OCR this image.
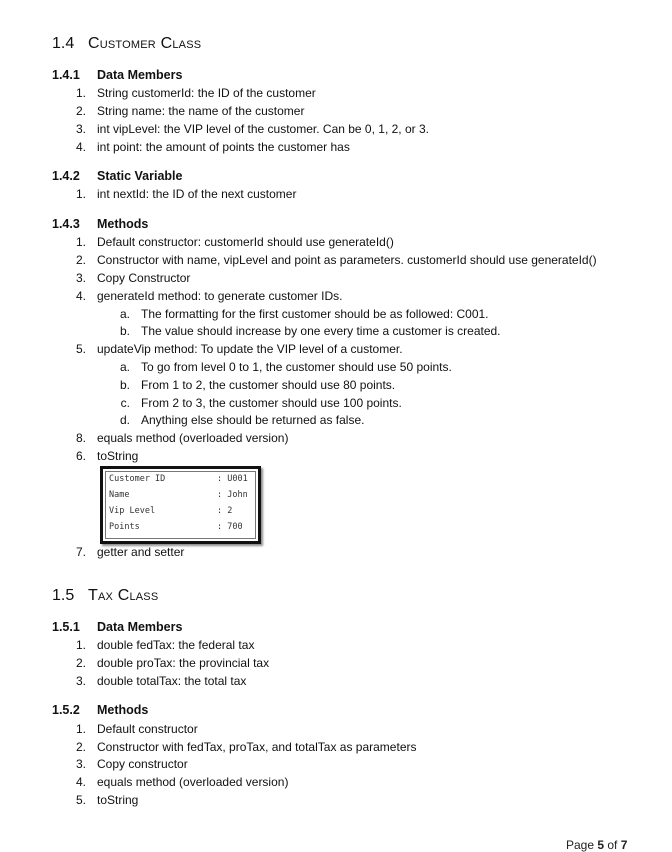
1.4 Customer Class
1.4.1 Data Members
1. String customerId: the ID of the customer
2. String name: the name of the customer
3. int vipLevel: the VIP level of the customer. Can be 0, 1, 2, or 3.
4. int point: the amount of points the customer has
1.4.2 Static Variable
1. int nextId: the ID of the next customer
1.4.3 Methods
1. Default constructor: customerId should use generateId()
2. Constructor with name, vipLevel and point as parameters. customerId should use generateId()
3. Copy Constructor
4. generateId method: to generate customer IDs.
a. The formatting for the first customer should be as followed: C001.
b. The value should increase by one every time a customer is created.
5. updateVip method: To update the VIP level of a customer.
a. To go from level 0 to 1, the customer should use 50 points.
b. From 1 to 2, the customer should use 80 points.
c. From 2 to 3, the customer should use 100 points.
d. Anything else should be returned as false.
8. equals method (overloaded version)
6. toString
Customer ID	: U001
Name	: John
Vip Level	: 2
Points	: 700
7. getter and setter
1.5 Tax Class
1.5.1 Data Members
1. double fedTax: the federal tax
2. double proTax: the provincial tax
3. double totalTax: the total tax
1.5.2 Methods
1. Default constructor
2. Constructor with fedTax, proTax, and totalTax as parameters
3. Copy constructor
4. equals method (overloaded version)
5. toString
Page 5 of 7
